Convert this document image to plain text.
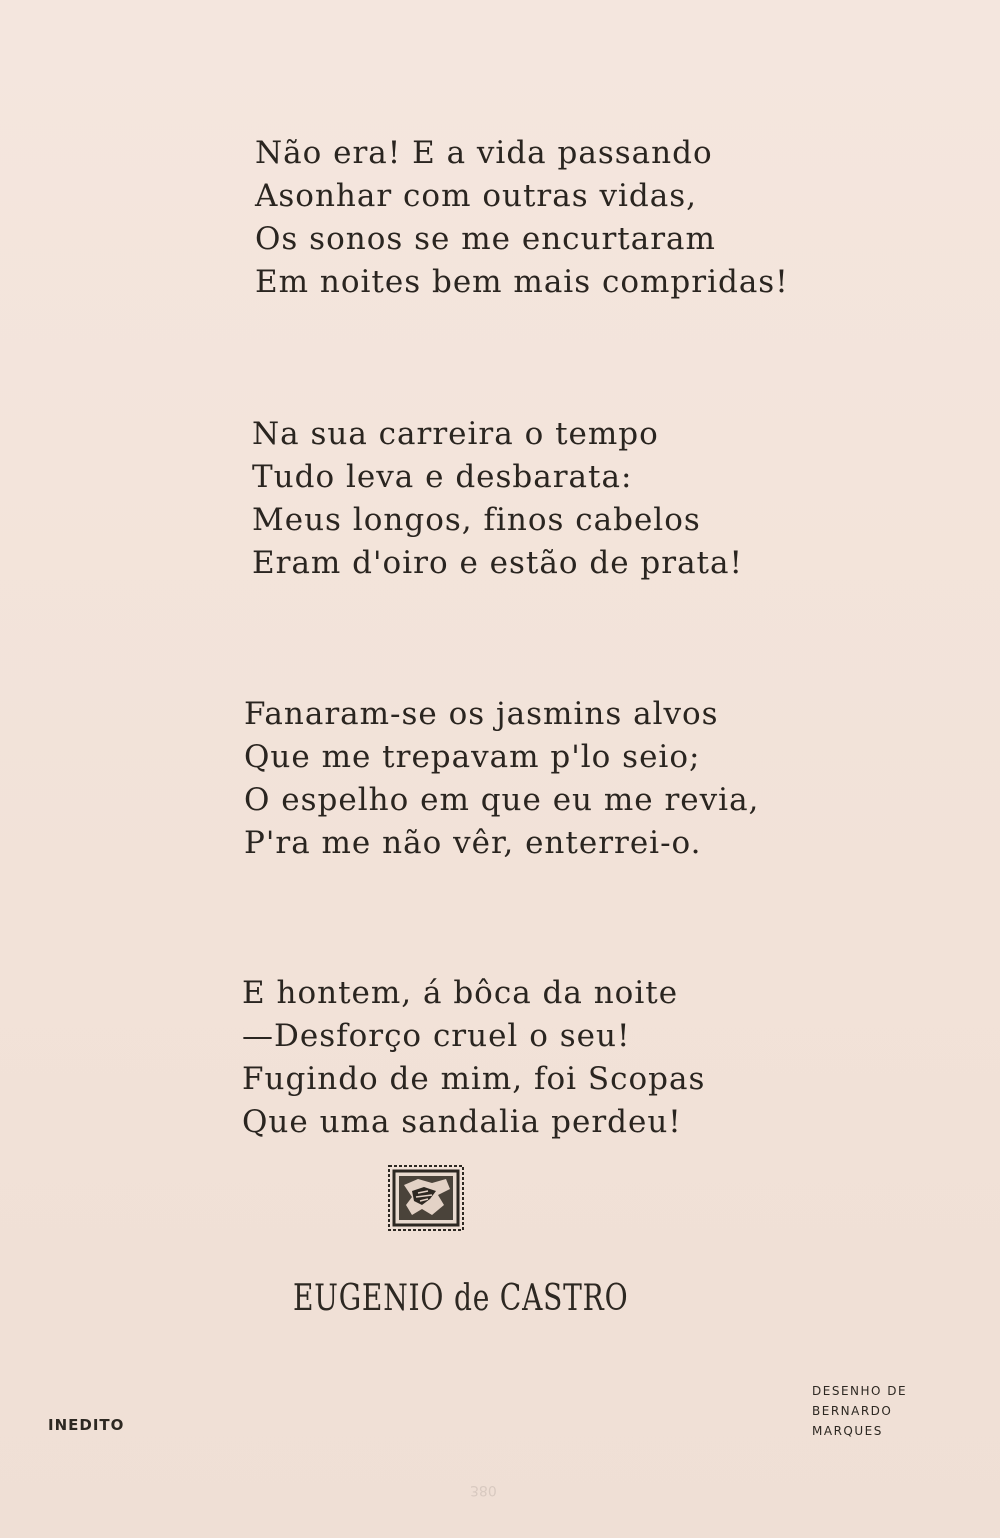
Não era! E a vida passando
Asonhar com outras vidas,
Os sonos se me encurtaram
Em noites bem mais compridas!
Na sua carreira o tempo
Tudo leva e desbarata:
Meus longos, finos cabelos
Eram d'oiro e estão de prata!
Fanaram-se os jasmins alvos
Que me trepavam p'lo seio;
O espelho em que eu me revia,
P'ra me não vêr, enterrei-o.
E hontem, á bôca da noite
—Desforço cruel o seu!
Fugindo de mim, foi Scopas
Que uma sandalia perdeu!
EUGENIO de CASTRO
INEDITO
DESENHO DE
BERNARDO
MARQUES
380
